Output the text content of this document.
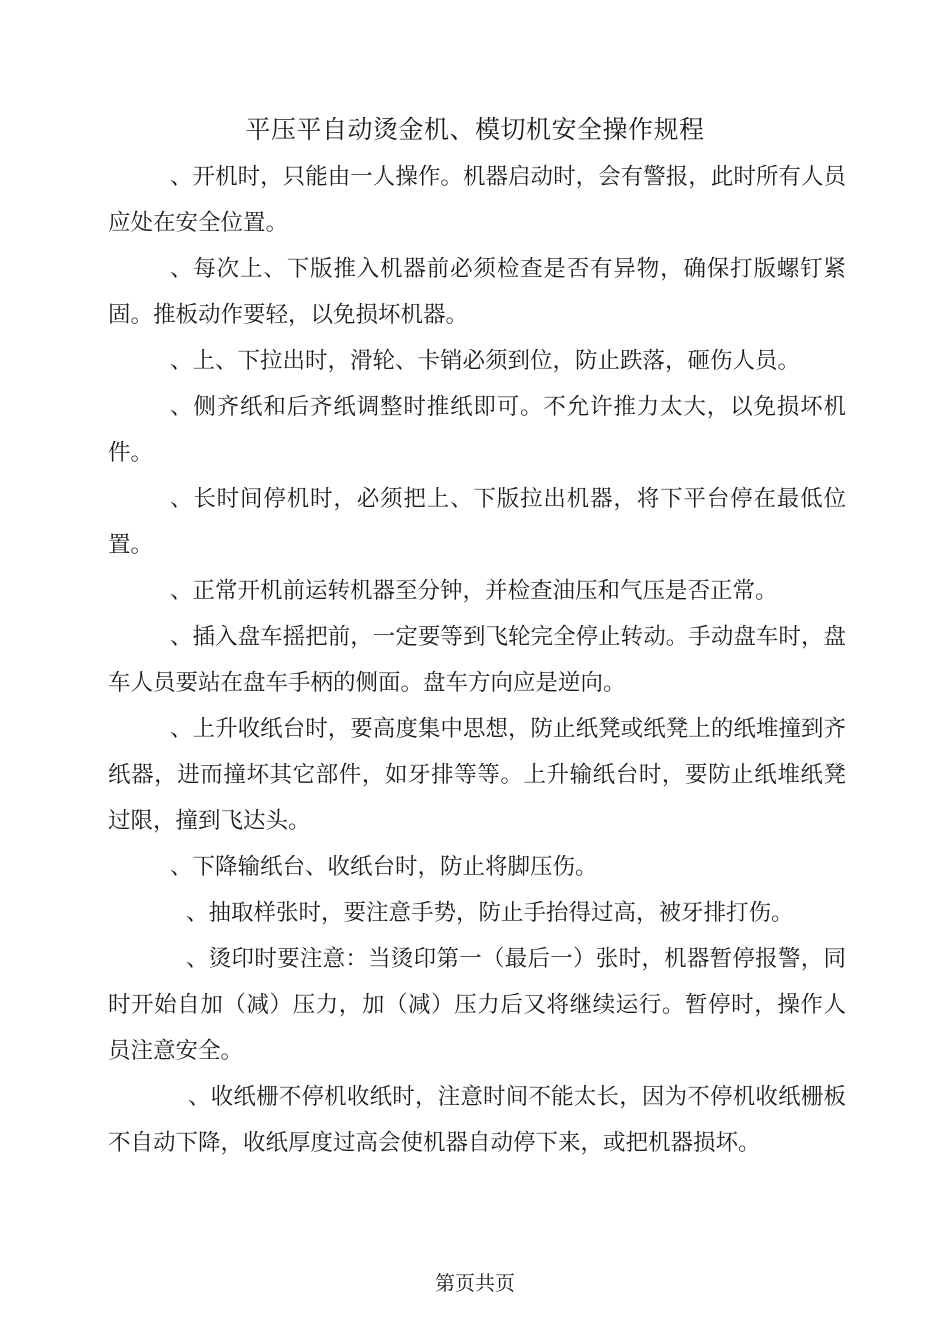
平压平自动烫金机、模切机安全操作规程

、开机时，只能由一人操作。机器启动时，会有警报，此时所有人员应处在安全位置。

、每次上、下版推入机器前必须检查是否有异物，确保打版螺钉紧固。推板动作要轻，以免损坏机器。

、上、下拉出时，滑轮、卡销必须到位，防止跌落，砸伤人员。

、侧齐纸和后齐纸调整时推纸即可。不允许推力太大，以免损坏机件。

、长时间停机时，必须把上、下版拉出机器，将下平台停在最低位置。

、正常开机前运转机器至分钟，并检查油压和气压是否正常。

、插入盘车摇把前，一定要等到飞轮完全停止转动。手动盘车时，盘车人员要站在盘车手柄的侧面。盘车方向应是逆向。

、上升收纸台时，要高度集中思想，防止纸凳或纸凳上的纸堆撞到齐纸器，进而撞坏其它部件，如牙排等等。上升输纸台时，要防止纸堆纸凳过限，撞到飞达头。

、下降输纸台、收纸台时，防止将脚压伤。

、抽取样张时，要注意手势，防止手抬得过高，被牙排打伤。

、烫印时要注意：当烫印第一（最后一）张时，机器暂停报警，同时开始自加（减）压力，加（减）压力后又将继续运行。暂停时，操作人员注意安全。

、收纸栅不停机收纸时，注意时间不能太长，因为不停机收纸栅板不自动下降，收纸厚度过高会使机器自动停下来，或把机器损坏。

第页共页
